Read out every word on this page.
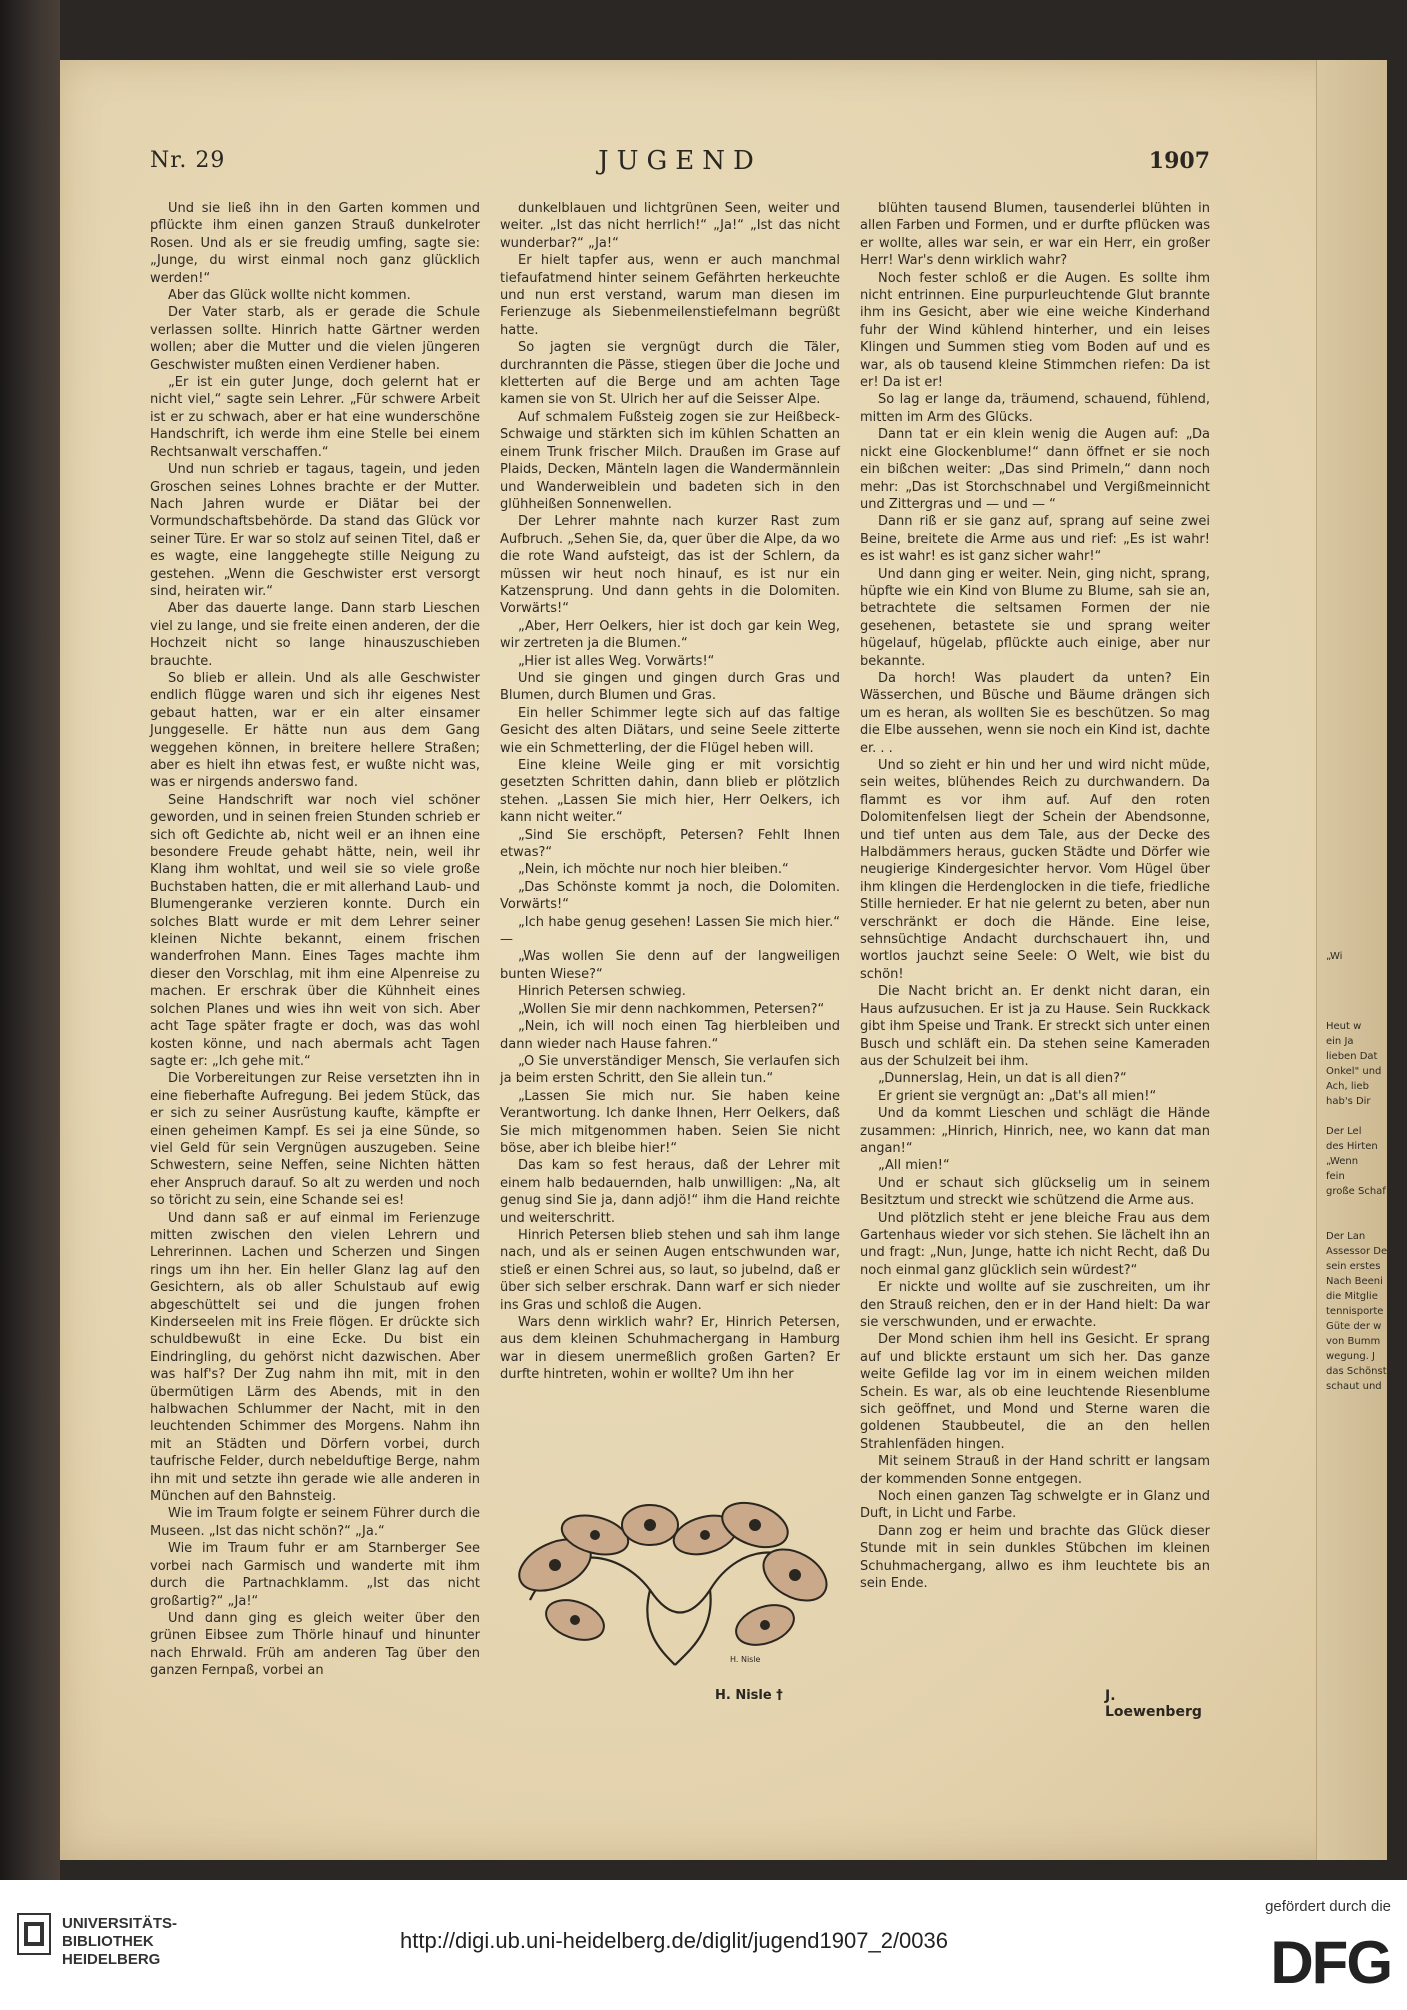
Nr. 29	JUGEND	1907

Und sie ließ ihn in den Garten kommen und pflückte ihm einen ganzen Strauß dunkelroter Rosen. Und als er sie freudig umfing, sagte sie: „Junge, du wirst einmal noch ganz glücklich werden!“

Aber das Glück wollte nicht kommen.

Der Vater starb, als er gerade die Schule verlassen sollte. Hinrich hatte Gärtner werden wollen; aber die Mutter und die vielen jüngeren Geschwister mußten einen Verdiener haben.

„Er ist ein guter Junge, doch gelernt hat er nicht viel,“ sagte sein Lehrer. „Für schwere Arbeit ist er zu schwach, aber er hat eine wunderschöne Handschrift, ich werde ihm eine Stelle bei einem Rechtsanwalt verschaffen.“

Und nun schrieb er tagaus, tagein, und jeden Groschen seines Lohnes brachte er der Mutter. Nach Jahren wurde er Diätar bei der Vormundschaftsbehörde. Da stand das Glück vor seiner Türe. Er war so stolz auf seinen Titel, daß er es wagte, eine langgehegte stille Neigung zu gestehen. „Wenn die Geschwister erst versorgt sind, heiraten wir.“

Aber das dauerte lange. Dann starb Lieschen viel zu lange, und sie freite einen anderen, der die Hochzeit nicht so lange hinauszuschieben brauchte.

So blieb er allein. Und als alle Geschwister endlich flügge waren und sich ihr eigenes Nest gebaut hatten, war er ein alter einsamer Junggeselle. Er hätte nun aus dem Gang weggehen können, in breitere hellere Straßen; aber es hielt ihn etwas fest, er wußte nicht was, was er nirgends anderswo fand.

Seine Handschrift war noch viel schöner geworden, und in seinen freien Stunden schrieb er sich oft Gedichte ab, nicht weil er an ihnen eine besondere Freude gehabt hätte, nein, weil ihr Klang ihm wohltat, und weil sie so viele große Buchstaben hatten, die er mit allerhand Laub- und Blumengeranke verzieren konnte. Durch ein solches Blatt wurde er mit dem Lehrer seiner kleinen Nichte bekannt, einem frischen wanderfrohen Mann. Eines Tages machte ihm dieser den Vorschlag, mit ihm eine Alpenreise zu machen. Er erschrak über die Kühnheit eines solchen Planes und wies ihn weit von sich. Aber acht Tage später fragte er doch, was das wohl kosten könne, und nach abermals acht Tagen sagte er: „Ich gehe mit.“

Die Vorbereitungen zur Reise versetzten ihn in eine fieberhafte Aufregung. Bei jedem Stück, das er sich zu seiner Ausrüstung kaufte, kämpfte er einen geheimen Kampf. Es sei ja eine Sünde, so viel Geld für sein Vergnügen auszugeben. Seine Schwestern, seine Neffen, seine Nichten hätten eher Anspruch darauf. So alt zu werden und noch so töricht zu sein, eine Schande sei es!

Und dann saß er auf einmal im Ferienzuge mitten zwischen den vielen Lehrern und Lehrerinnen. Lachen und Scherzen und Singen rings um ihn her. Ein heller Glanz lag auf den Gesichtern, als ob aller Schulstaub auf ewig abgeschüttelt sei und die jungen frohen Kinderseelen mit ins Freie flögen. Er drückte sich schuldbewußt in eine Ecke. Du bist ein Eindringling, du gehörst nicht dazwischen. Aber was half's? Der Zug nahm ihn mit, mit in den übermütigen Lärm des Abends, mit in den halbwachen Schlummer der Nacht, mit in den leuchtenden Schimmer des Morgens. Nahm ihn mit an Städten und Dörfern vorbei, durch taufrische Felder, durch nebelduftige Berge, nahm ihn mit und setzte ihn gerade wie alle anderen in München auf den Bahnsteig.

Wie im Traum folgte er seinem Führer durch die Museen. „Ist das nicht schön?“ „Ja.“

Wie im Traum fuhr er am Starnberger See vorbei nach Garmisch und wanderte mit ihm durch die Partnachklamm. „Ist das nicht großartig?“ „Ja!“

Und dann ging es gleich weiter über den grünen Eibsee zum Thörle hinauf und hinunter nach Ehrwald. Früh am anderen Tag über den ganzen Fernpaß, vorbei an

dunkelblauen und lichtgrünen Seen, weiter und weiter. „Ist das nicht herrlich!“ „Ja!“ „Ist das nicht wunderbar?“ „Ja!“

Er hielt tapfer aus, wenn er auch manchmal tiefaufatmend hinter seinem Gefährten herkeuchte und nun erst verstand, warum man diesen im Ferienzuge als Siebenmeilenstiefelmann begrüßt hatte.

So jagten sie vergnügt durch die Täler, durchrannten die Pässe, stiegen über die Joche und kletterten auf die Berge und am achten Tage kamen sie von St. Ulrich her auf die Seisser Alpe.

Auf schmalem Fußsteig zogen sie zur Heißbeck-Schwaige und stärkten sich im kühlen Schatten an einem Trunk frischer Milch. Draußen im Grase auf Plaids, Decken, Mänteln lagen die Wandermännlein und Wanderweiblein und badeten sich in den glühheißen Sonnenwellen.

Der Lehrer mahnte nach kurzer Rast zum Aufbruch. „Sehen Sie, da, quer über die Alpe, da wo die rote Wand aufsteigt, das ist der Schlern, da müssen wir heut noch hinauf, es ist nur ein Katzensprung. Und dann gehts in die Dolomiten. Vorwärts!“

„Aber, Herr Oelkers, hier ist doch gar kein Weg, wir zertreten ja die Blumen.“

„Hier ist alles Weg. Vorwärts!“

Und sie gingen und gingen durch Gras und Blumen, durch Blumen und Gras.

Ein heller Schimmer legte sich auf das faltige Gesicht des alten Diätars, und seine Seele zitterte wie ein Schmetterling, der die Flügel heben will.

Eine kleine Weile ging er mit vorsichtig gesetzten Schritten dahin, dann blieb er plötzlich stehen. „Lassen Sie mich hier, Herr Oelkers, ich kann nicht weiter.“

„Sind Sie erschöpft, Petersen? Fehlt Ihnen etwas?“

„Nein, ich möchte nur noch hier bleiben.“

„Das Schönste kommt ja noch, die Dolomiten. Vorwärts!“

„Ich habe genug gesehen! Lassen Sie mich hier.“ —

„Was wollen Sie denn auf der langweiligen bunten Wiese?“

Hinrich Petersen schwieg.

„Wollen Sie mir denn nachkommen, Petersen?“

„Nein, ich will noch einen Tag hierbleiben und dann wieder nach Hause fahren.“

„O Sie unverständiger Mensch, Sie verlaufen sich ja beim ersten Schritt, den Sie allein tun.“

„Lassen Sie mich nur. Sie haben keine Verantwortung. Ich danke Ihnen, Herr Oelkers, daß Sie mich mitgenommen haben. Seien Sie nicht böse, aber ich bleibe hier!“

Das kam so fest heraus, daß der Lehrer mit einem halb bedauernden, halb unwilligen: „Na, alt genug sind Sie ja, dann adjö!“ ihm die Hand reichte und weiterschritt.

Hinrich Petersen blieb stehen und sah ihm lange nach, und als er seinen Augen entschwunden war, stieß er einen Schrei aus, so laut, so jubelnd, daß er über sich selber erschrak. Dann warf er sich nieder ins Gras und schloß die Augen.

Wars denn wirklich wahr? Er, Hinrich Petersen, aus dem kleinen Schuhmachergang in Hamburg war in diesem unermeßlich großen Garten? Er durfte hintreten, wohin er wollte? Um ihn her

blühten tausend Blumen, tausenderlei blühten in allen Farben und Formen, und er durfte pflücken was er wollte, alles war sein, er war ein Herr, ein großer Herr! War's denn wirklich wahr?

Noch fester schloß er die Augen. Es sollte ihm nicht entrinnen. Eine purpurleuchtende Glut brannte ihm ins Gesicht, aber wie eine weiche Kinderhand fuhr der Wind kühlend hinterher, und ein leises Klingen und Summen stieg vom Boden auf und es war, als ob tausend kleine Stimmchen riefen: Da ist er! Da ist er!

So lag er lange da, träumend, schauend, fühlend, mitten im Arm des Glücks.

Dann tat er ein klein wenig die Augen auf: „Da nickt eine Glockenblume!“ dann öffnet er sie noch ein bißchen weiter: „Das sind Primeln,“ dann noch mehr: „Das ist Storchschnabel und Vergißmeinnicht und Zittergras und — und — “

Dann riß er sie ganz auf, sprang auf seine zwei Beine, breitete die Arme aus und rief: „Es ist wahr! es ist wahr! es ist ganz sicher wahr!“

Und dann ging er weiter. Nein, ging nicht, sprang, hüpfte wie ein Kind von Blume zu Blume, sah sie an, betrachtete die seltsamen Formen der nie gesehenen, betastete sie und sprang weiter hügelauf, hügelab, pflückte auch einige, aber nur bekannte.

Da horch! Was plaudert da unten? Ein Wässerchen, und Büsche und Bäume drängen sich um es heran, als wollten Sie es beschützen. So mag die Elbe aussehen, wenn sie noch ein Kind ist, dachte er. . .

Und so zieht er hin und her und wird nicht müde, sein weites, blühendes Reich zu durchwandern. Da flammt es vor ihm auf. Auf den roten Dolomitenfelsen liegt der Schein der Abendsonne, und tief unten aus dem Tale, aus der Decke des Halbdämmers heraus, gucken Städte und Dörfer wie neugierige Kindergesichter hervor. Vom Hügel über ihm klingen die Herdenglocken in die tiefe, friedliche Stille hernieder. Er hat nie gelernt zu beten, aber nun verschränkt er doch die Hände. Eine leise, sehnsüchtige Andacht durchschauert ihn, und wortlos jauchzt seine Seele: O Welt, wie bist du schön!

Die Nacht bricht an. Er denkt nicht daran, ein Haus aufzusuchen. Er ist ja zu Hause. Sein Ruckkack gibt ihm Speise und Trank. Er streckt sich unter einen Busch und schläft ein. Da stehen seine Kameraden aus der Schulzeit bei ihm.

„Dunnerslag, Hein, un dat is all dien?“

Er grient sie vergnügt an: „Dat's all mien!“

Und da kommt Lieschen und schlägt die Hände zusammen: „Hinrich, Hinrich, nee, wo kann dat man angan!“

„All mien!“

Und er schaut sich glückselig um in seinem Besitztum und streckt wie schützend die Arme aus.

Und plötzlich steht er jene bleiche Frau aus dem Gartenhaus wieder vor sich stehen. Sie lächelt ihn an und fragt: „Nun, Junge, hatte ich nicht Recht, daß Du noch einmal ganz glücklich sein würdest?“

Er nickte und wollte auf sie zuschreiten, um ihr den Strauß reichen, den er in der Hand hielt: Da war sie verschwunden, und er erwachte.

Der Mond schien ihm hell ins Gesicht. Er sprang auf und blickte erstaunt um sich her. Das ganze weite Gefilde lag vor im in einem weichen milden Schein. Es war, als ob eine leuchtende Riesenblume sich geöffnet, und Mond und Sterne waren die goldenen Staubbeutel, die an den hellen Strahlenfäden hingen.

Mit seinem Strauß in der Hand schritt er langsam der kommenden Sonne entgegen.

Noch einen ganzen Tag schwelgte er in Glanz und Duft, in Licht und Farbe.

Dann zog er heim und brachte das Glück dieser Stunde mit in sein dunkles Stübchen im kleinen Schuhmachergang, allwo es ihm leuchtete bis an sein Ende.

H. Nisle
H. Nisle †	J. Loewenberg
„Wi
Heut w
ein Ja
lieben Dat
Onkel" und
Ach, lieb
hab's Dir
Der Lel
des Hirten
„Wenn
fein
große Schaf
Der Lan
Assessor De
sein erstes
Nach Beeni
die Mitglie
tennisporte
Güte der w
von Bumm
wegung. J
das Schönst
schaut und
UNIVERSITÄTS-
BIBLIOTHEK
HEIDELBERG
http://digi.ub.uni-heidelberg.de/diglit/jugend1907_2/0036
gefördert durch die
DFG
